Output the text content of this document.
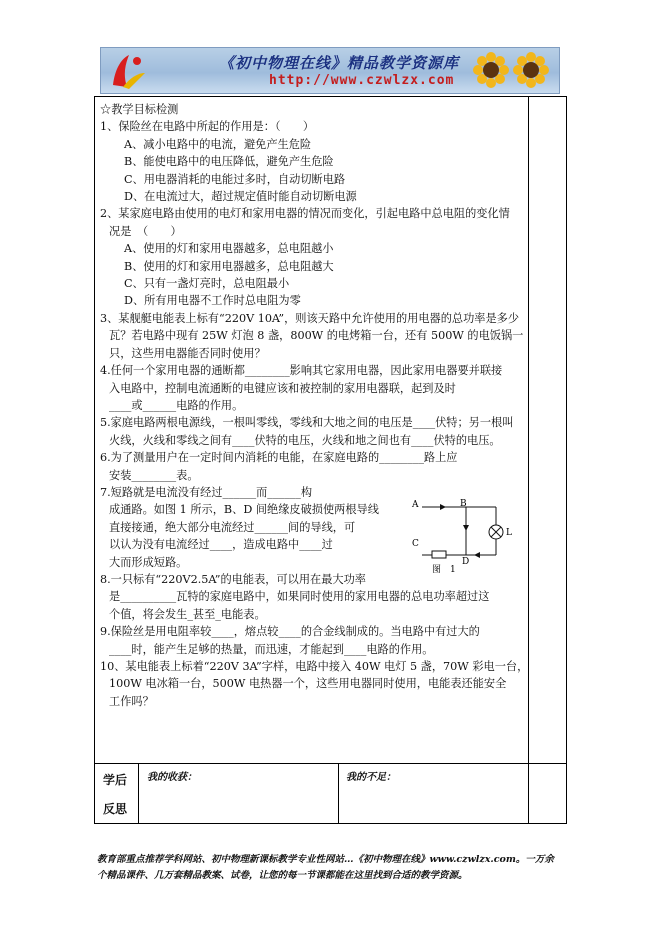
《初中物理在线》精品教学资源库
http://www.czwlzx.com

☆教学目标检测

1、保险丝在电路中所起的作用是：（　　）

A、减小电路中的电流，避免产生危险

B、能使电路中的电压降低，避免产生危险

C、用电器消耗的电能过多时，自动切断电路

D、在电流过大，超过规定值时能自动切断电源

2、某家庭电路由使用的电灯和家用电器的情况而变化，引起电路中总电阻的变化情

况是　（　　）

A、使用的灯和家用电器越多，总电阻越小

B、使用的灯和家用电器越多，总电阻越大

C、只有一盏灯亮时，总电阻最小

D、所有用电器不工作时总电阻为零

3、某舰艇电能表上标有“220V 10A”，则该天路中允许使用的用电器的总功率是多少

瓦？若电路中现有 25W 灯泡 8 盏，800W 的电烤箱一台，还有 500W 的电饭锅一

只，这些用电器能否同时使用？

4.任何一个家用电器的通断都________影响其它家用电器，因此家用电器要并联接

入电路中，控制电流通断的电键应该和被控制的家用电器联，起到及时

____或______电路的作用。

5.家庭电路两根电源线，一根叫零线，零线和大地之间的电压是____伏特；另一根叫

火线，火线和零线之间有____伏特的电压，火线和地之间也有____伏特的电压。

6.为了测量用户在一定时间内消耗的电能，在家庭电路的________路上应

安装________表。

7.短路就是电流没有经过______而______构

成通路。如图 1 所示，B、D 间绝缘皮破损使两根导线

直接接通，绝大部分电流经过______间的导线，可

以认为没有电流经过____，造成电路中____过

大而形成短路。

8.一只标有“220V2.5A”的电能表，可以用在最大功率

是__________瓦特的家庭电路中，如果同时使用的家用电器的总电功率超过这

个值，将会发生_甚至_电能表。

9.保险丝是用电阻率较____，熔点较____的合金线制成的。当电路中有过大的

____时，能产生足够的热量，而迅速，才能起到____电路的作用。

10、某电能表上标着“220V 3A”字样，电路中接入 40W 电灯 5 盏，70W 彩电一台，

100W 电冰箱一台，500W 电热器一个，这些用电器同时使用，电能表还能安全

工作吗？

A	B
C
D
L
图　1
学后
反思
我的收获：	我的不足：

教育部重点推荐学科网站、初中物理新课标教学专业性网站…《初中物理在线》www.czwlzx.com。一万余

个精品课件、几万套精品教案、试卷，让您的每一节课都能在这里找到合适的教学资源。
